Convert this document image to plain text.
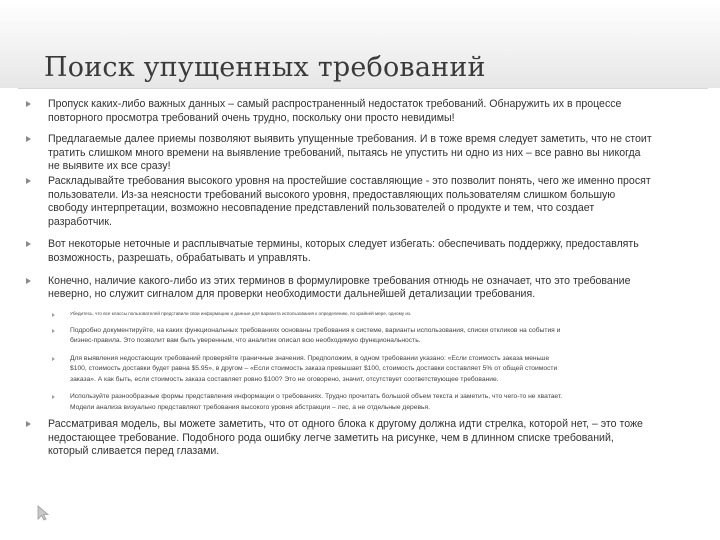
Поиск упущенных требований
Пропуск каких-либо важных данных – самый распространенный недостаток требований. Обнаружить их в процессе
повторного просмотра требований очень трудно, поскольку они просто невидимы!
Предлагаемые далее приемы позволяют выявить упущенные требования. И в тоже время следует заметить, что не стоит
тратить слишком много времени на выявление требований, пытаясь не упустить ни одно из них – все равно вы никогда
не выявите их все сразу!
Раскладывайте требования высокого уровня на простейшие составляющие - это позволит понять, чего же именно просят
пользователи. Из-за неясности требований высокого уровня, предоставляющих пользователям слишком большую
свободу интерпретации, возможно несовпадение представлений пользователей о продукте и тем, что создает
разработчик.
Вот некоторые неточные и расплывчатые термины, которых следует избегать: обеспечивать поддержку, предоставлять
возможность, разрешать, обрабатывать и управлять.
Конечно, наличие какого-либо из этих терминов в формулировке требования отнюдь не означает, что это требование
неверно, но служит сигналом для проверки необходимости дальнейшей детализации требования.
Убедитесь, что все классы пользователей представили свои информацию и данные для варианта использования к определению, по крайней мере, одному из.
Подробно документируйте, на каких функциональных требованиях основаны требования к системе, варианты использования, списки откликов на события и
бизнес-правила. Это позволит вам быть уверенным, что аналитик описал всю необходимую функциональность.
Для выявления недостающих требований проверяйте граничные значения. Предположим, в одном требовании указано: «Если стоимость заказа меньше
$100, стоимость доставки будет равна $5.95», в другом – «Если стоимость заказа превышает $100, стоимость доставки составляет 5% от общей стоимости
заказа». А как быть, если стоимость заказа составляет ровно $100? Это не оговорено, значит, отсутствует соответствующее требование.
Используйте разнообразные формы представления информации о требованиях. Трудно прочитать большой объем текста и заметить, что чего-то не хватает.
Модели анализа визуально представляют требования высокого уровня абстракции – лес, а не отдельные деревья.
Рассматривая модель, вы можете заметить, что от одного блока к другому должна идти стрелка, которой нет, – это тоже
недостающее требование. Подобного рода ошибку легче заметить на рисунке, чем в длинном списке требований,
который сливается перед глазами.
